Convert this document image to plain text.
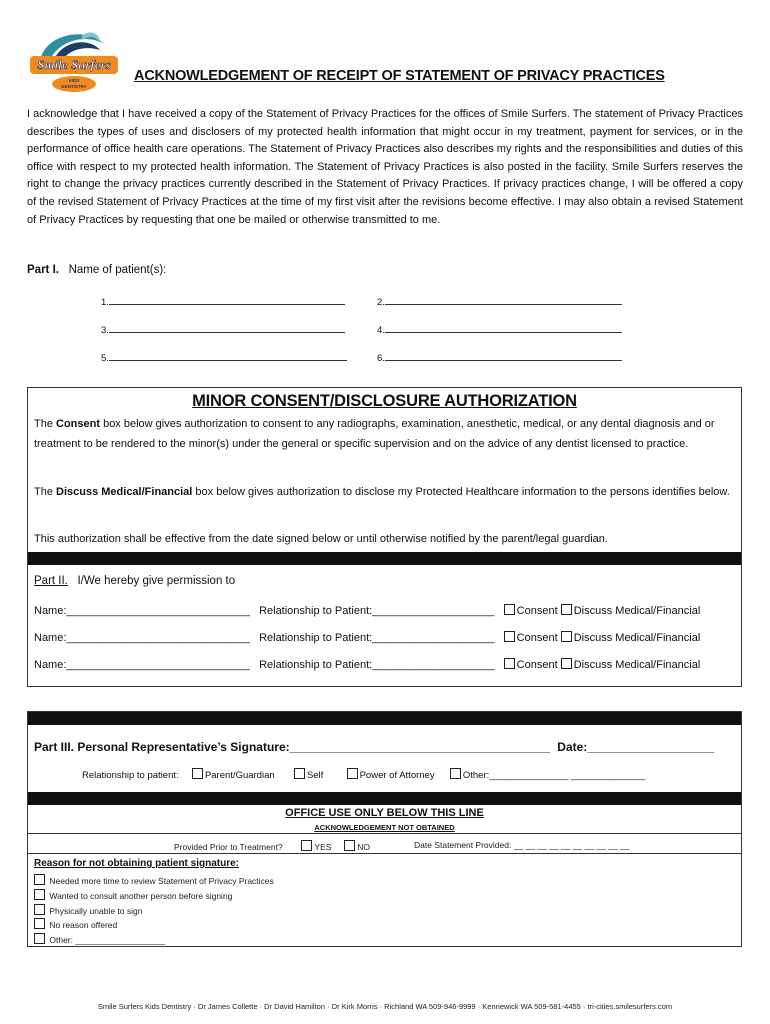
Smile Surfers
KIDS
DENTISTRY
ACKNOWLEDGEMENT OF RECEIPT OF STATEMENT OF PRIVACY PRACTICES
I acknowledge that I have received a copy of the Statement of Privacy Practices for the offices of Smile Surfers. The statement of Privacy Practices describes the types of uses and disclosers of my protected health information that might occur in my treatment, payment for services, or in the performance of office health care operations. The Statement of Privacy Practices also describes my rights and the responsibilities and duties of this office with respect to my protected health information. The Statement of Privacy Practices is also posted in the facility. Smile Surfers reserves the right to change the privacy practices currently described in the Statement of Privacy Practices. If privacy practices change, I will be offered a copy of the revised Statement of Privacy Practices at the time of my first visit after the revisions become effective. I may also obtain a revised Statement of Privacy Practices by requesting that one be mailed or otherwise transmitted to me.
Part I. Name of patient(s):
1.	2.
3.	4.
5.	6.
MINOR CONSENT/DISCLOSURE AUTHORIZATION
The Consent box below gives authorization to consent to any radiographs, examination, anesthetic, medical, or any dental diagnosis and or treatment to be rendered to the minor(s) under the general or specific supervision and on the advice of any dentist licensed to practice.
The Discuss Medical/Financial box below gives authorization to disclose my Protected Healthcare information to the persons identifies below.
This authorization shall be effective from the date signed below or until otherwise notified by the parent/legal guardian.
Part II. I/We hereby give permission to
Name:______________________________ Relationship to Patient:____________________ Consent Discuss Medical/Financial
Name:______________________________ Relationship to Patient:____________________ Consent Discuss Medical/Financial
Name:______________________________ Relationship to Patient:____________________ Consent Discuss Medical/Financial
Part III. Personal Representative’s Signature:_______________________________________ Date:___________________
Relationship to patient:	Parent/Guardian	Self	Power of Attorney	Other:_______________ ______________
OFFICE USE ONLY BELOW THIS LINE
ACKNOWLEDGEMENT NOT OBTAINED
Provided Prior to Treatment?	YES	NO	Date Statement Provided: __ __ __ __ __ __ __ __ __ __
Reason for not obtaining patient signature:
Needed more time to review Statement of Privacy Practices
Wanted to consult another person before signing
Physically unable to sign
No reason offered
Other: ___________________
Smile Surfers Kids Dentistry · Dr James Collette · Dr David Hamilton · Dr Kirk Morris · Richland WA 509-946-9999 · Kennewick WA 509-581-4455 · tri-cities.smilesurfers.com
